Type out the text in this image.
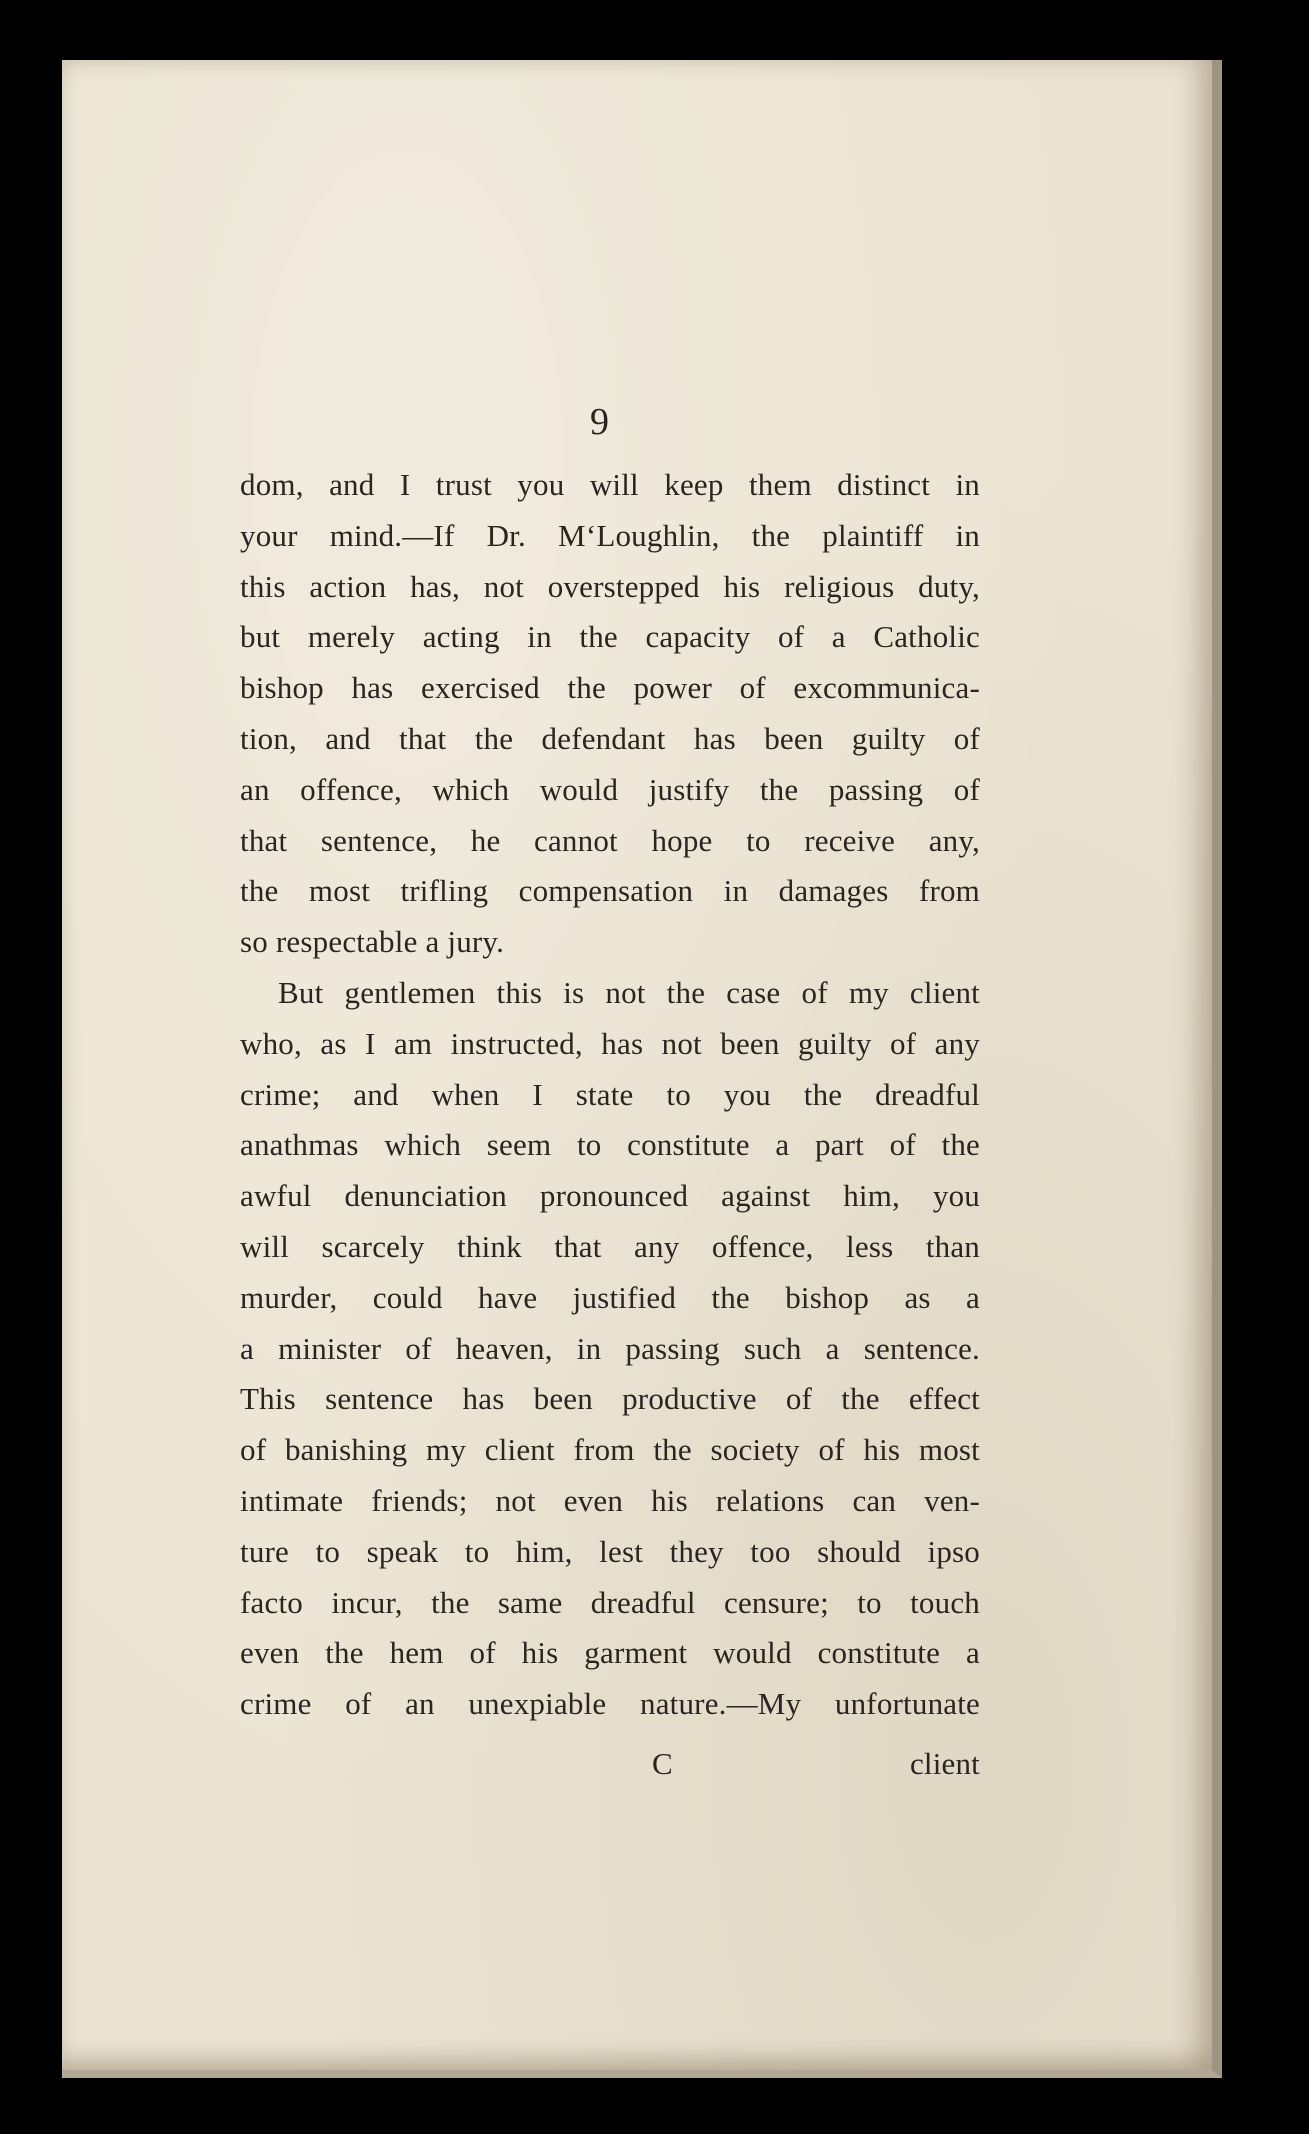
9
dom, and I trust you will keep them distinct in
your mind.—If Dr. M‘Loughlin, the plaintiff in
this action has, not overstepped his religious duty,
but merely acting in the capacity of a Catholic
bishop has exercised the power of excommunica-
tion, and that the defendant has been guilty of
an offence, which would justify the passing of
that sentence, he cannot hope to receive any,
the most trifling compensation in damages from
so respectable a jury.
But gentlemen this is not the case of my client
who, as I am instructed, has not been guilty of any
crime; and when I state to you the dreadful
anathmas which seem to constitute a part of the
awful denunciation pronounced against him, you
will scarcely think that any offence, less than
murder, could have justified the bishop as a
a minister of heaven, in passing such a sentence.
This sentence has been productive of the effect
of banishing my client from the society of his most
intimate friends; not even his relations can ven-
ture to speak to him, lest they too should ipso
facto incur, the same dreadful censure; to touch
even the hem of his garment would constitute a
crime of an unexpiable nature.—My unfortunate
C	client
